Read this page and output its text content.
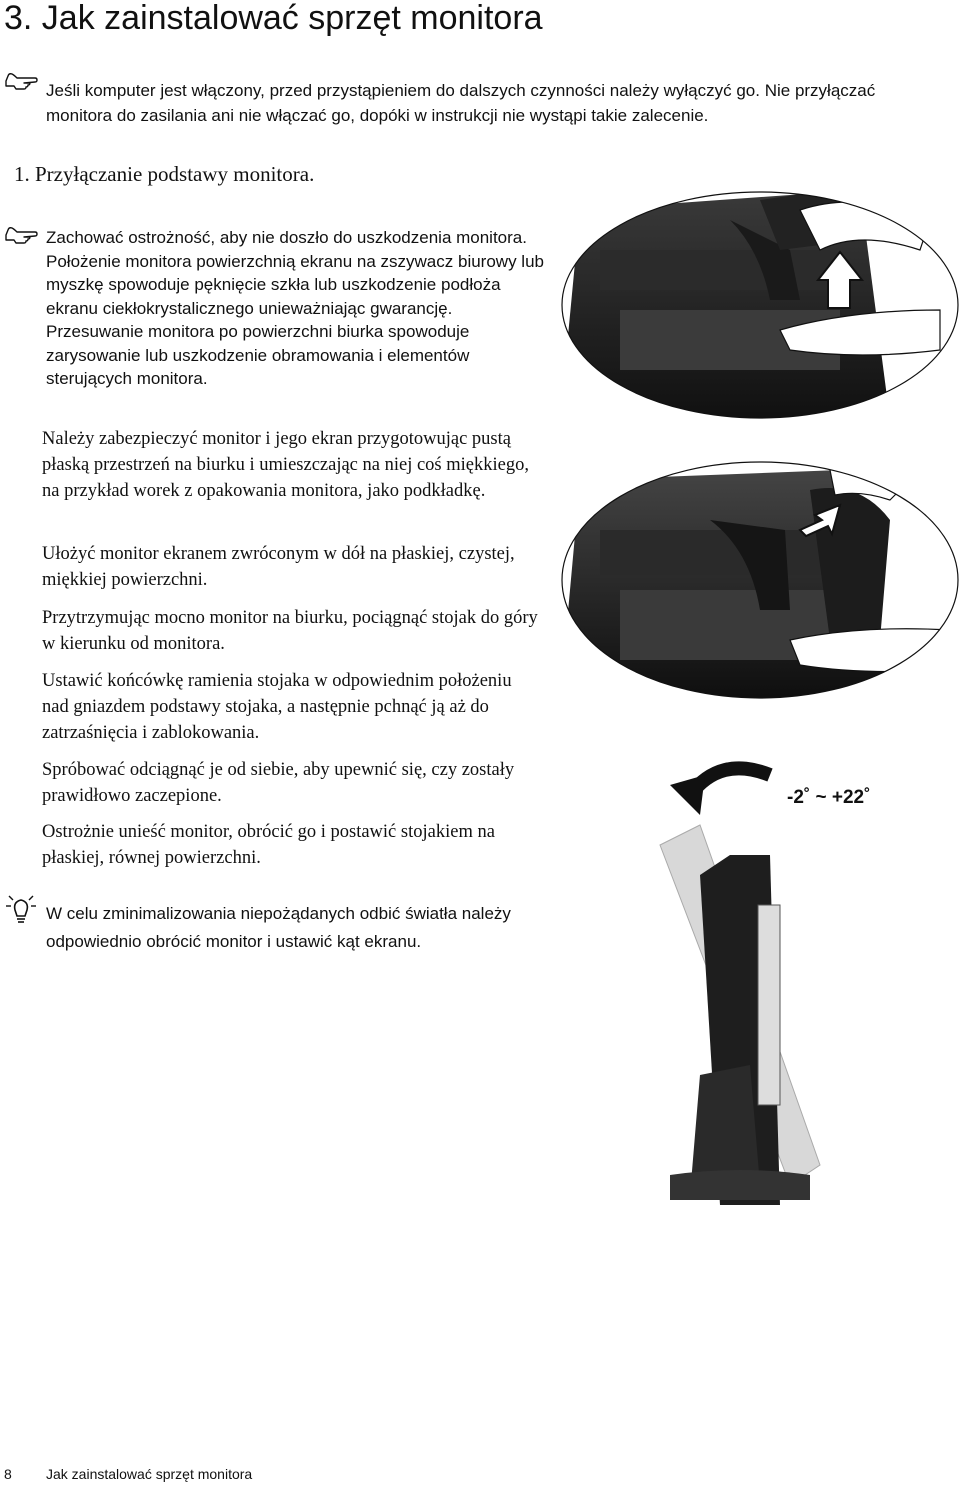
3. Jak zainstalować sprzęt monitora
Jeśli komputer jest włączony, przed przystąpieniem do dalszych czynności należy wyłączyć go. Nie przyłączać monitora do zasilania ani nie włączać go, dopóki w instrukcji nie wystąpi takie zalecenie.
1. Przyłączanie podstawy monitora.
Zachować ostrożność, aby nie doszło do uszkodzenia monitora. Położenie monitora powierzchnią ekranu na zszywacz biurowy lub myszkę spowoduje pęknięcie szkła lub uszkodzenie podłoża ekranu ciekłokrystalicznego unieważniając gwarancję. Przesuwanie monitora po powierzchni biurka spowoduje zarysowanie lub uszkodzenie obramowania i elementów sterujących monitora.
Należy zabezpieczyć monitor i jego ekran przygotowując pustą płaską przestrzeń na biurku i umieszczając na niej coś miękkiego, na przykład worek z opakowania monitora, jako podkładkę.
Ułożyć monitor ekranem zwróconym w dół na płaskiej, czystej, miękkiej powierzchni.
Przytrzymując mocno monitor na biurku, pociągnąć stojak do góry w kierunku od monitora.
Ustawić końcówkę ramienia stojaka w odpowiednim położeniu nad gniazdem podstawy stojaka, a następnie pchnąć ją aż do zatrzaśnięcia i zablokowania.
Spróbować odciągnąć je od siebie, aby upewnić się, czy zostały prawidłowo zaczepione.
Ostrożnie unieść monitor, obrócić go i postawić stojakiem na płaskiej, równej powierzchni.
W celu zminimalizowania niepożądanych odbić światła należy odpowiednio obrócić monitor i ustawić kąt ekranu.
-2˚ ~ +22˚
8 Jak zainstalować sprzęt monitora
